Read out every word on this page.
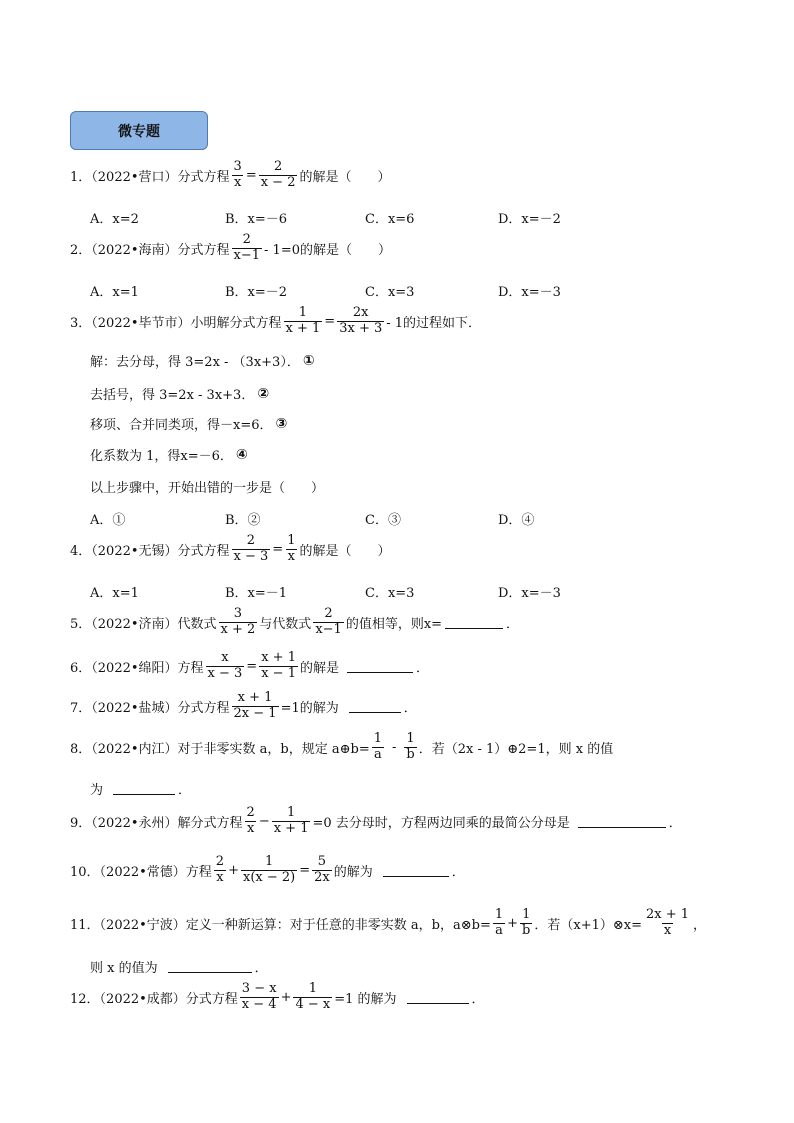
微专题
1．（2022•营口）分式方程 $\frac{3}{x} = \frac{2}{x - 2}$ 的解是（　　）
A．x=2	B．x=－6	C．x=6	D．x=－2
2．（2022•海南）分式方程 $\frac{2}{x-1} - 1=0$的解是（　　）
A．x=1	B．x=－2	C．x=3	D．x=－3
3．（2022•毕节市）小明解分式方程 $\frac{1}{x + 1} = \frac{2x}{3x + 3} - 1$的过程如下．
解：去分母，得 3=2x - （3x+3）． ①
去括号，得 3=2x - 3x+3． ②
移项、合并同类项，得－x=6． ③
化系数为 1，得x=－6． ④
以上步骤中，开始出错的一步是（　　）
A．①	B．②	C．③	D．④
4．（2022•无锡）分式方程 $\frac{2}{x - 3} = \frac{1}{x}$ 的解是（　　）
A．x=1	B．x=－1	C．x=3	D．x=－3
5．（2022•济南）代数式 $\frac{3}{x + 2}$ 与代数式 $\frac{2}{x-1}$ 的值相等，则x=	．
6．（2022•绵阳）方程 $\frac{x}{x - 3} = \frac{x + 1}{x - 1}$ 的解是	．
7．（2022•盐城）分式方程 $\frac{x + 1}{2x - 1} =1$的解为	．
8．（2022•内江）对于非零实数 a，b，规定 a⊕b= $\frac{1}{a} - \frac{1}{b}$ ．若（2x - 1）⊕2=1，则 x 的值
为	．
9．（2022•永州）解分式方程 $\frac{2}{x} - \frac{1}{x + 1} =0$ 去分母时，方程两边同乘的最简公分母是	．
10．（2022•常德）方程 $\frac{2}{x} + \frac{1}{x(x - 2)} = \frac{5}{2x}$ 的解为	．
11．（2022•宁波）定义一种新运算：对于任意的非零实数 a，b，a⊗b= $\frac{1}{a} + \frac{1}{b}$ ．若（x+1）⊗x= $\frac{2x + 1}{x}$ ，
则 x 的值为	．
12．（2022•成都）分式方程 $\frac{3 - x}{x - 4} + \frac{1}{4 - x} =1$ 的解为	．
